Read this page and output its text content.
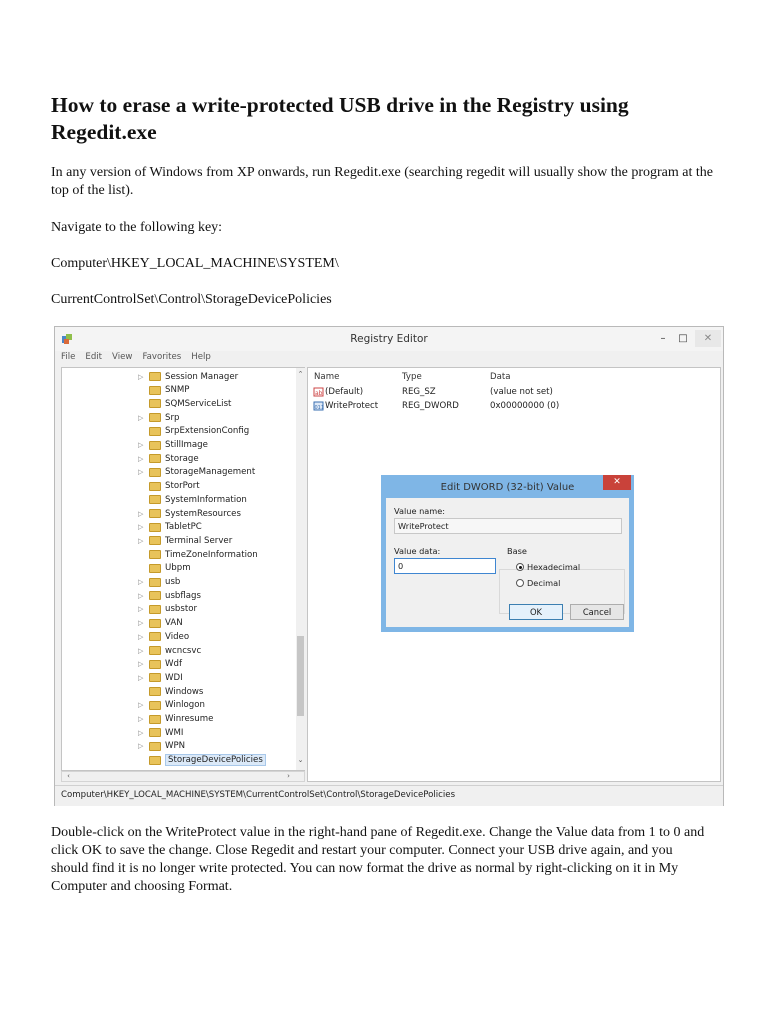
How to erase a write-protected USB drive in the Registry using Regedit.exe

In any version of Windows from XP onwards, run Regedit.exe (searching regedit will usually show the program at the top of the list).

Navigate to the following key:

Computer\HKEY_LOCAL_MACHINE\SYSTEM\

CurrentControlSet\Control\StorageDevicePolicies

Double-click on the WriteProtect value in the right-hand pane of Regedit.exe. Change the Value data from 1 to 0 and click OK to save the change. Close Regedit and restart your computer. Connect your USB drive again, and you should find it is no longer write protected. You can now format the drive as normal by right-clicking on it in My Computer and choosing Format.

Registry Editor	–	□	✕
File Edit View Favorites Help
⌃
⌄
▷	Session Manager
SNMP
SQMServiceList
▷	Srp
SrpExtensionConfig
▷	StillImage
▷	Storage
▷	StorageManagement
StorPort
SystemInformation
▷	SystemResources
▷	TabletPC
▷	Terminal Server
TimeZoneInformation
Ubpm
▷	usb
▷	usbflags
▷	usbstor
▷	VAN
▷	Video
▷	wcncsvc
▷	Wdf
▷	WDI
Windows
▷	Winlogon
▷	Winresume
▷	WMI
▷	WPN
StorageDevicePolicies
‹	›
Name	Type	Data
ab (Default)	REG_SZ	(value not set)
011 WriteProtect	REG_DWORD	0x00000000 (0)
Computer\HKEY_LOCAL_MACHINE\SYSTEM\CurrentControlSet\Control\StorageDevicePolicies
Edit DWORD (32-bit) Value	✕
Value name:
WriteProtect
Value data:
0
Base
Hexadecimal
Decimal
OK	Cancel
